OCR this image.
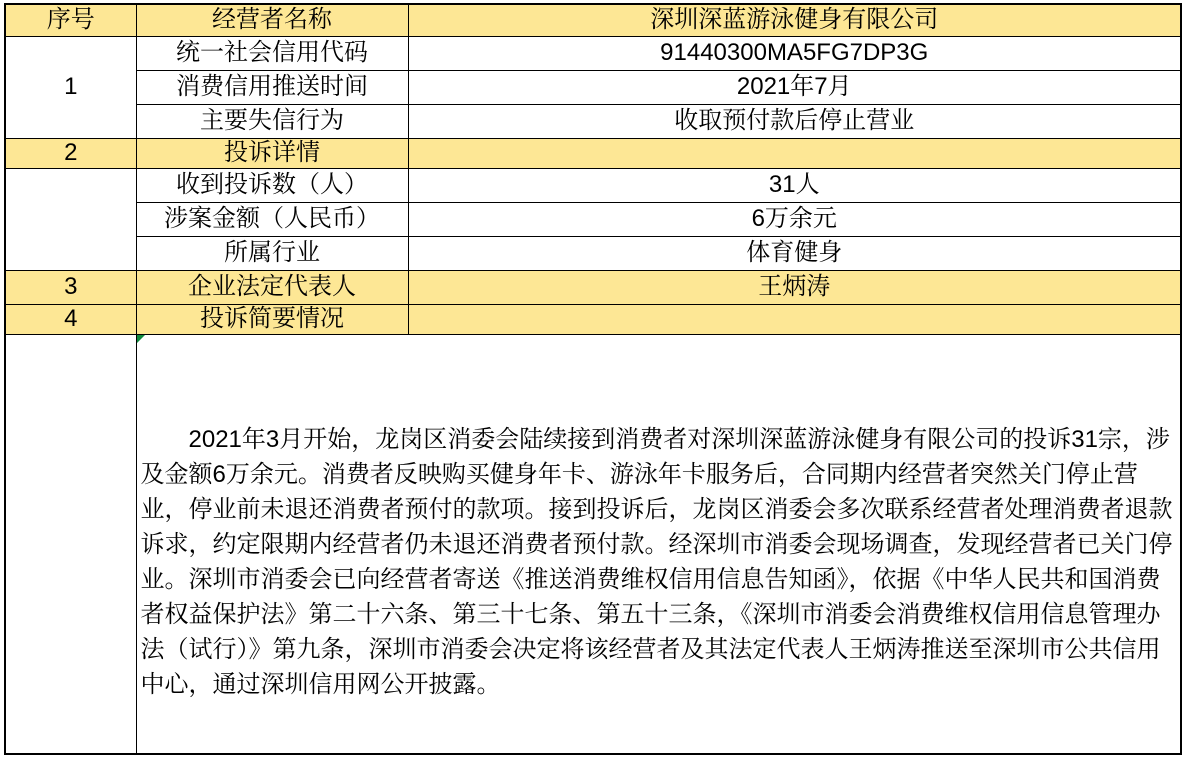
序号	经营者名称	深圳深蓝游泳健身有限公司
1	统一社会信用代码	91440300MA5FG7DP3G
	消费信用推送时间	2021年7月
	主要失信行为	收取预付款后停止营业
2	投诉详情	
	收到投诉数（人）	31人
	涉案金额（人民币）	6万余元
	所属行业	体育健身
3	企业法定代表人	王炳涛
4	投诉简要情况	

	2021年3月开始，龙岗区消委会陆续接到消费者对深圳深蓝游泳健身有限公司的投诉31宗，涉及金额6万余元。消费者反映购买健身年卡、游泳年卡服务后，合同期内经营者突然关门停止营业，停业前未退还消费者预付的款项。接到投诉后，龙岗区消委会多次联系经营者处理消费者退款诉求，约定限期内经营者仍未退还消费者预付款。经深圳市消委会现场调查，发现经营者已关门停业。深圳市消委会已向经营者寄送《推送消费维权信用信息告知函》，依据《中华人民共和国消费者权益保护法》第二十六条、第三十七条、第五十三条，《深圳市消委会消费维权信用信息管理办法（试行）》第九条，深圳市消委会决定将该经营者及其法定代表人王炳涛推送至深圳市公共信用中心，通过深圳信用网公开披露。	
